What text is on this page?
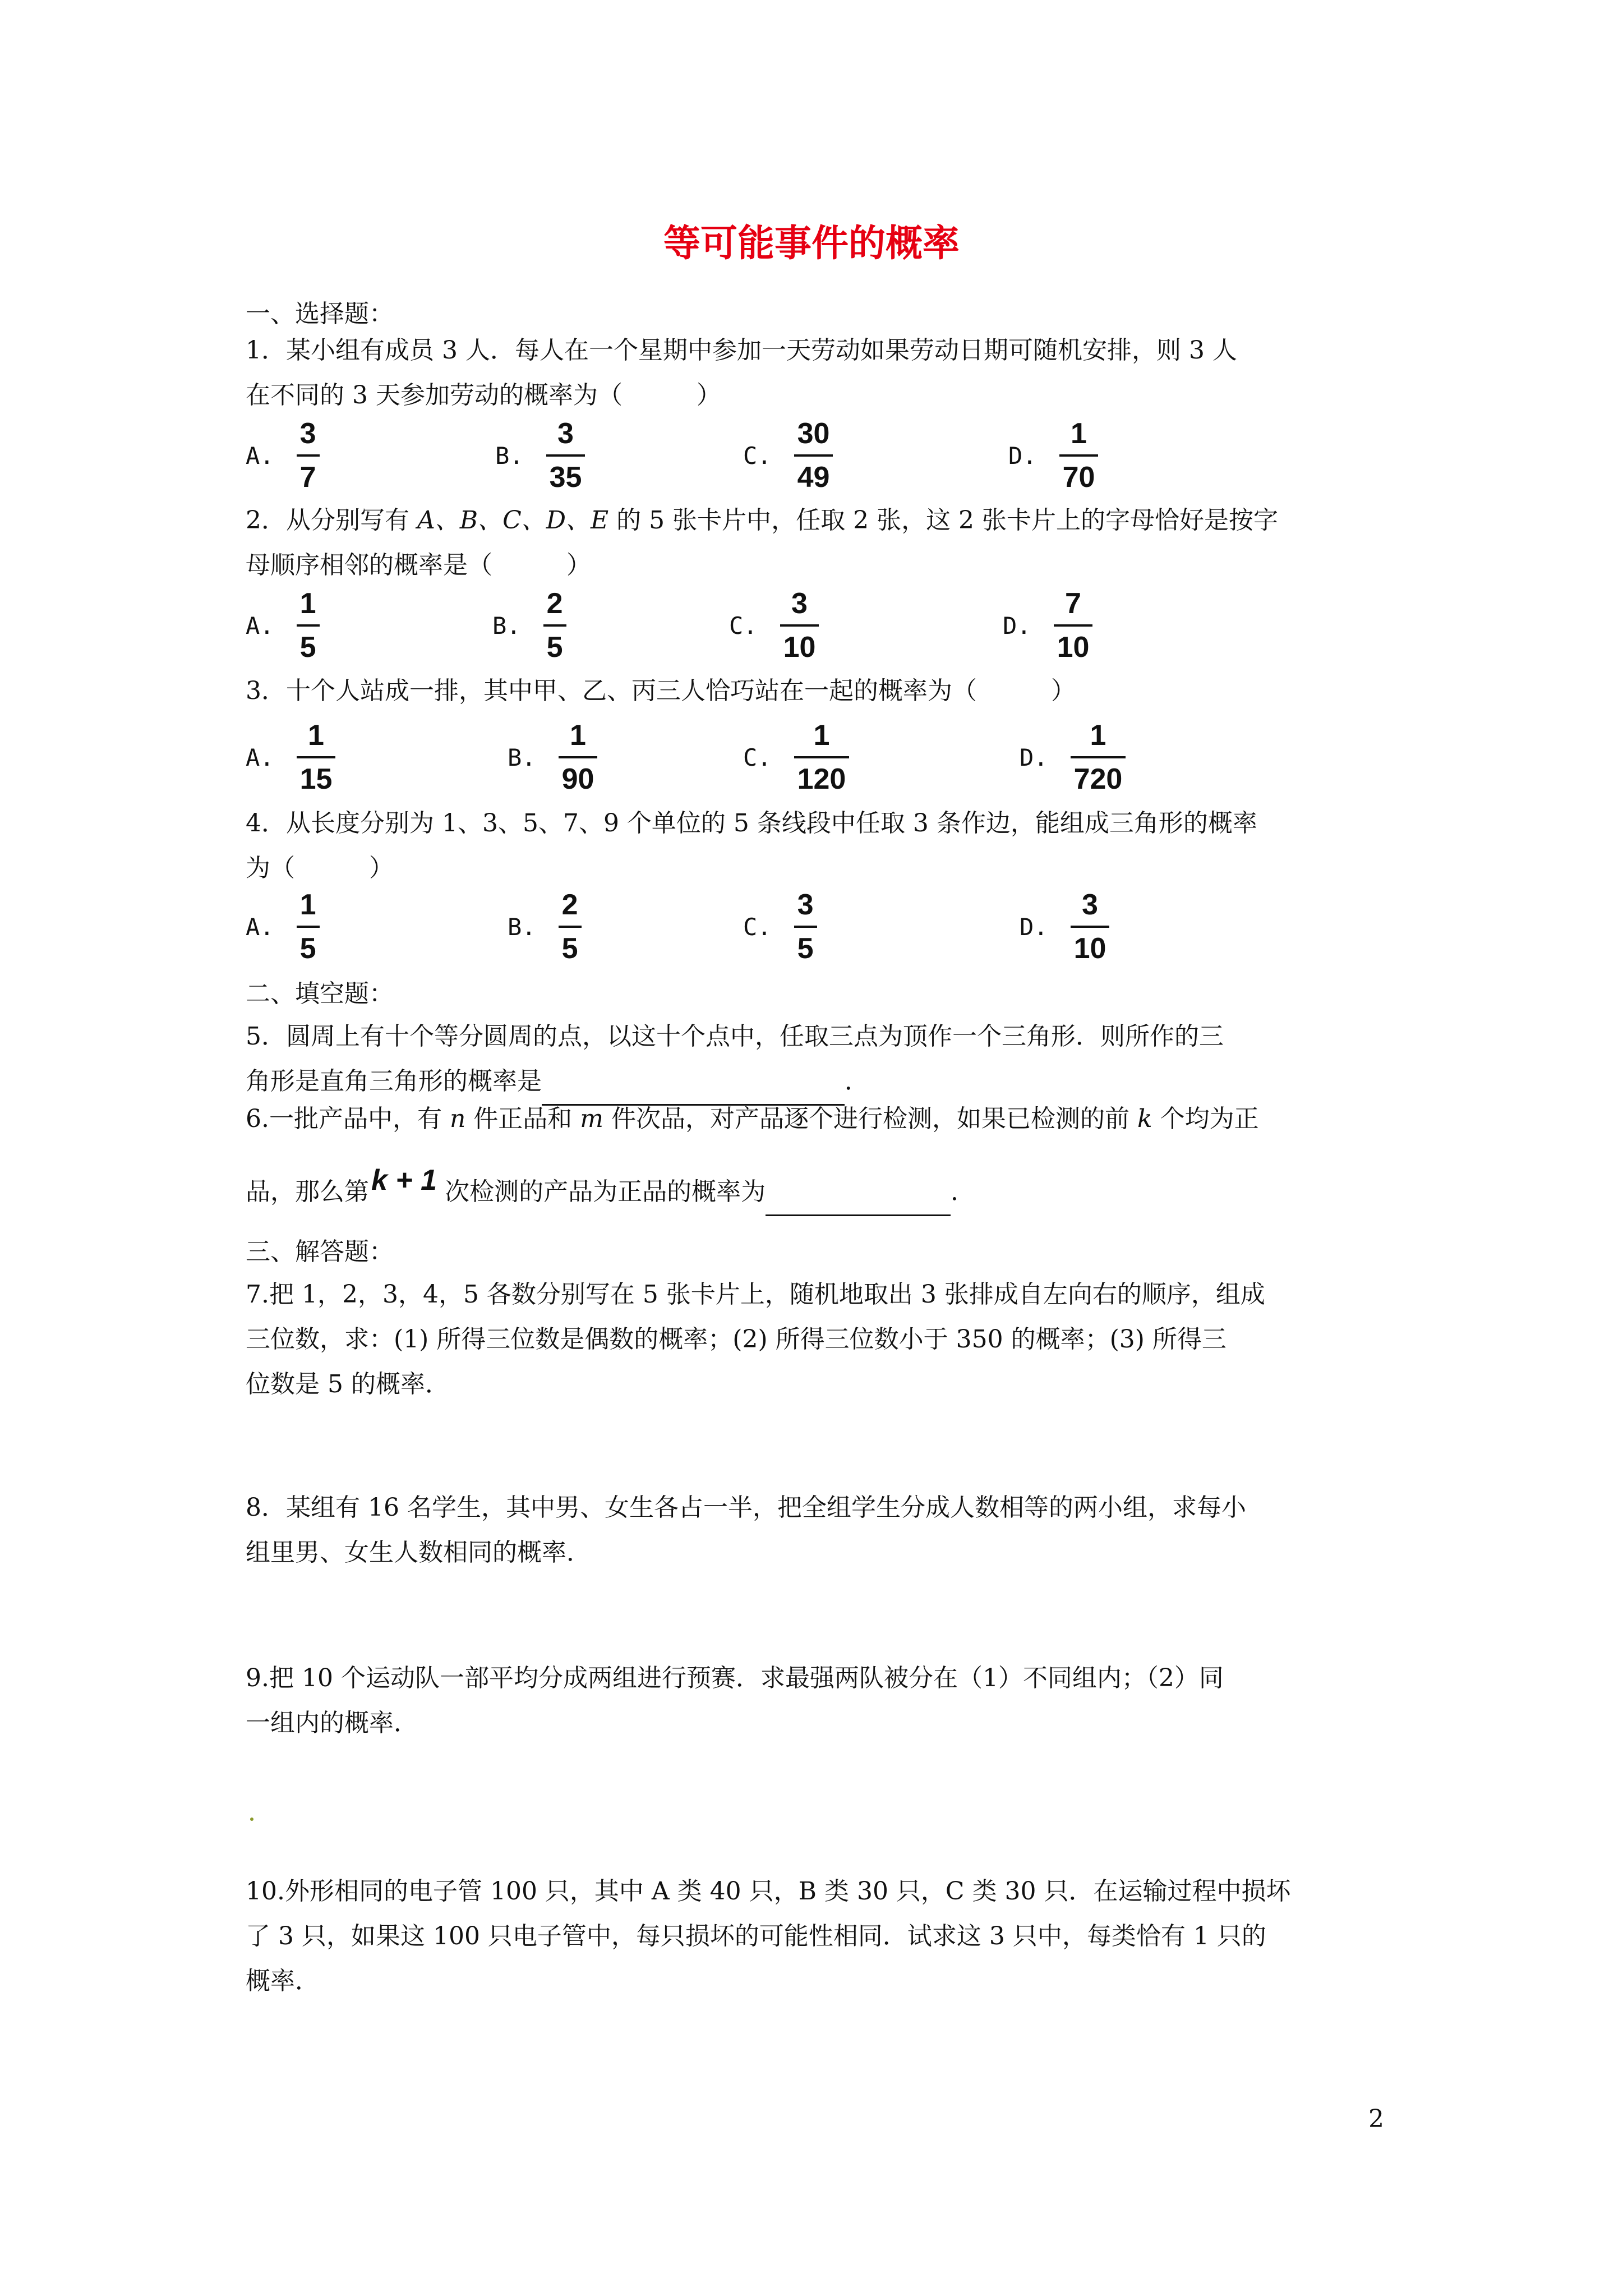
等可能事件的概率

一、选择题：

1．某小组有成员 3 人．每人在一个星期中参加一天劳动如果劳动日期可随机安排，则 3 人
在不同的 3 天参加劳动的概率为（　　　）

A. $\frac{3}{7}$	B. $\frac{3}{35}$	C. $\frac{30}{49}$	D. $\frac{1}{70}$

2．从分别写有 A、B、C、D、E 的 5 张卡片中，任取 2 张，这 2 张卡片上的字母恰好是按字
母顺序相邻的概率是（　　　）

A. $\frac{1}{5}$	B. $\frac{2}{5}$	C. $\frac{3}{10}$	D. $\frac{7}{10}$

3．十个人站成一排，其中甲、乙、丙三人恰巧站在一起的概率为（　　　）

A. $\frac{1}{15}$	B. $\frac{1}{90}$	C. $\frac{1}{120}$	D. $\frac{1}{720}$

4．从长度分别为 1、3、5、7、9 个单位的 5 条线段中任取 3 条作边，能组成三角形的概率
为（　　　）

A. $\frac{1}{5}$	B. $\frac{2}{5}$	C. $\frac{3}{5}$	D. $\frac{3}{10}$

二、填空题：

5．圆周上有十个等分圆周的点，以这十个点中，任取三点为顶作一个三角形．则所作的三
角形是直角三角形的概率是	．

6.一批产品中，有 n 件正品和 m 件次品，对产品逐个进行检测，如果已检测的前 k 个均为正

品，那么第k + 1 次检测的产品为正品的概率为	．

三、解答题：

7.把 1，2，3，4，5 各数分别写在 5 张卡片上，随机地取出 3 张排成自左向右的顺序，组成
三位数，求：(1) 所得三位数是偶数的概率；(2) 所得三位数小于 350 的概率；(3) 所得三
位数是 5 的概率．

8．某组有 16 名学生，其中男、女生各占一半，把全组学生分成人数相等的两小组，求每小
组里男、女生人数相同的概率．

9.把 10 个运动队一部平均分成两组进行预赛．求最强两队被分在（1）不同组内；（2）同
一组内的概率．

10.外形相同的电子管 100 只，其中 A 类 40 只，B 类 30 只，C 类 30 只．在运输过程中损坏
了 3 只，如果这 100 只电子管中，每只损坏的可能性相同．试求这 3 只中，每类恰有 1 只的
概率．

2
